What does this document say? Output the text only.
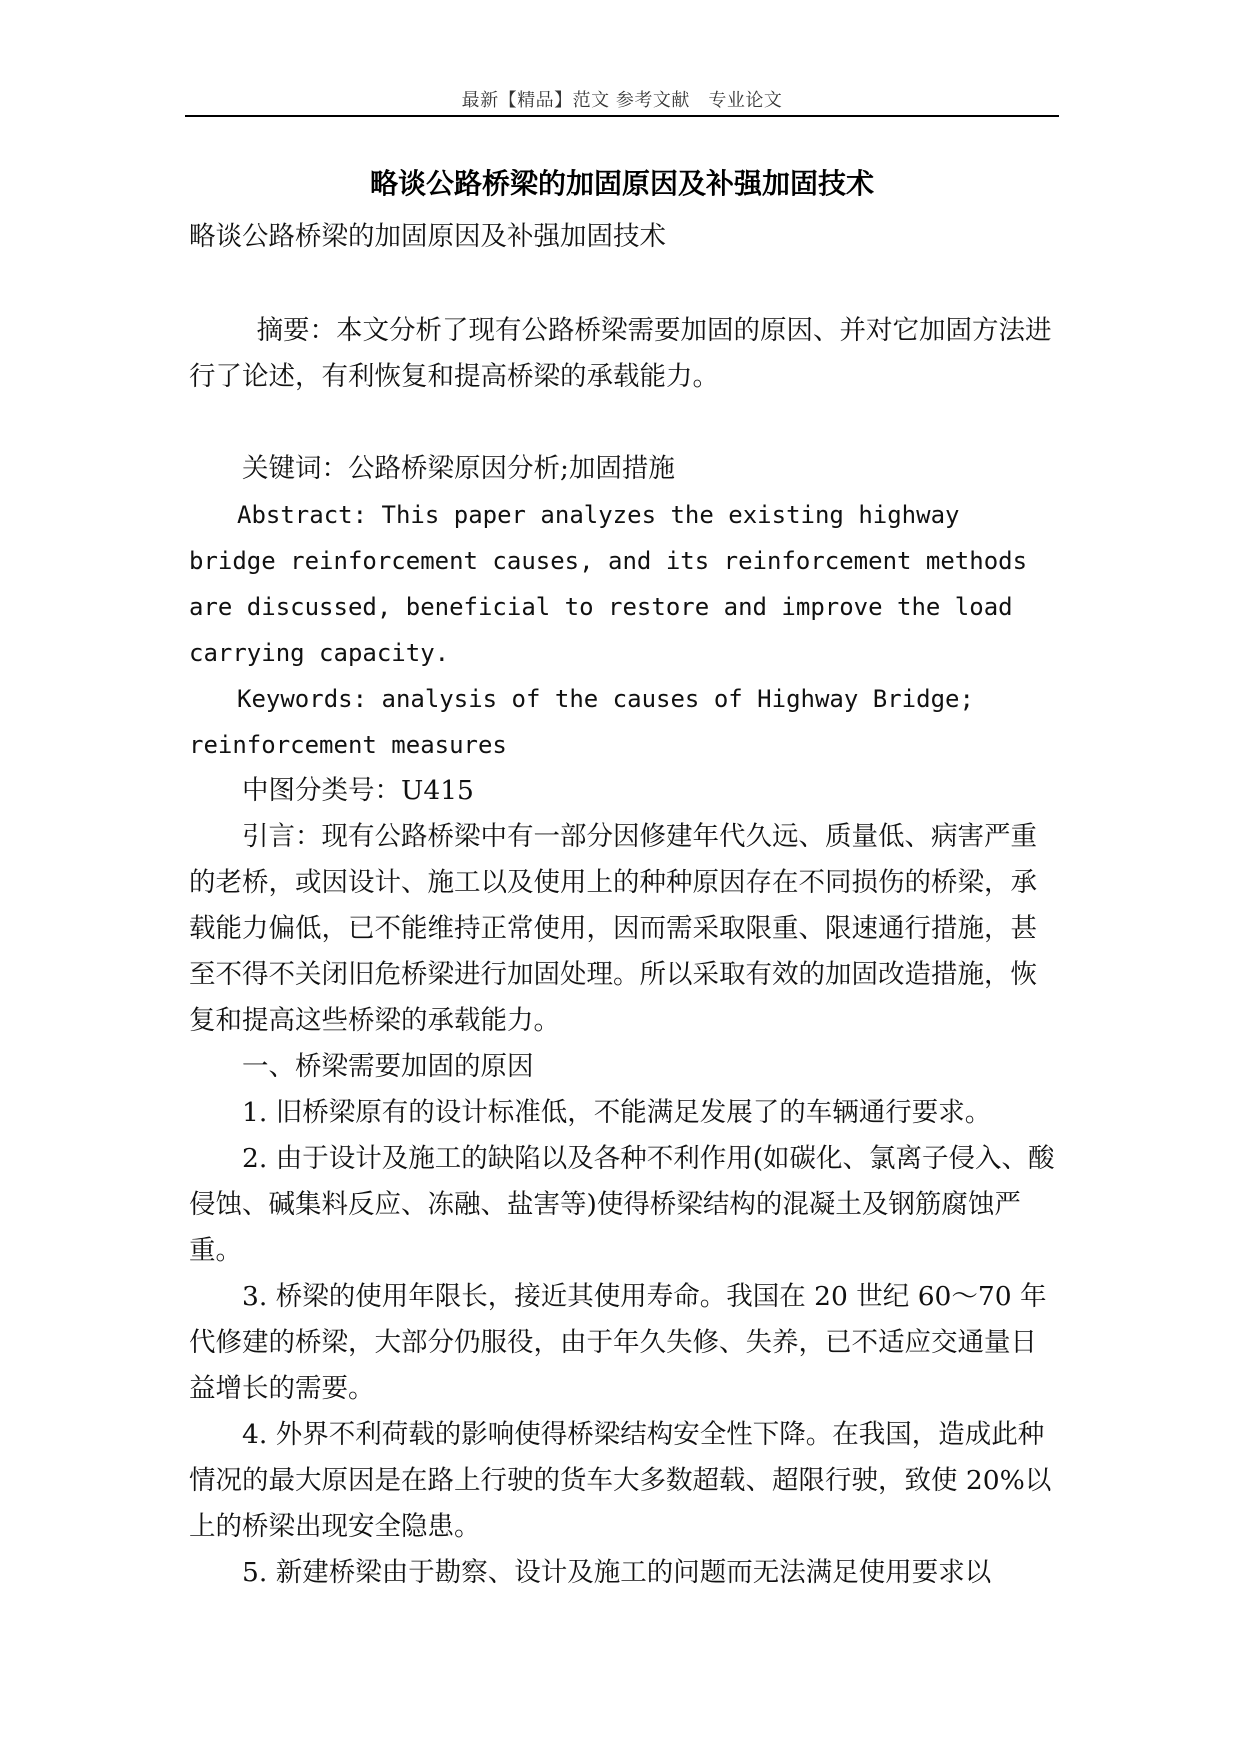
最新【精品】范文 参考文献　专业论文
略谈公路桥梁的加固原因及补强加固技术

略谈公路桥梁的加固原因及补强加固技术

摘要：本文分析了现有公路桥梁需要加固的原因、并对它加固方法进行了论述，有利恢复和提高桥梁的承载能力。

关键词：公路桥梁原因分析;加固措施

Abstract: This paper analyzes the existing highway bridge reinforcement causes, and its reinforcement methods are discussed, beneficial to restore and improve the load carrying capacity.

Keywords: analysis of the causes of Highway Bridge; reinforcement measures

中图分类号：U415

引言：现有公路桥梁中有一部分因修建年代久远、质量低、病害严重的老桥，或因设计、施工以及使用上的种种原因存在不同损伤的桥梁，承载能力偏低，已不能维持正常使用，因而需采取限重、限速通行措施，甚至不得不关闭旧危桥梁进行加固处理。所以采取有效的加固改造措施，恢复和提高这些桥梁的承载能力。

一、桥梁需要加固的原因

1. 旧桥梁原有的设计标准低，不能满足发展了的车辆通行要求。

2. 由于设计及施工的缺陷以及各种不利作用(如碳化、氯离子侵入、酸侵蚀、碱集料反应、冻融、盐害等)使得桥梁结构的混凝土及钢筋腐蚀严重。

3. 桥梁的使用年限长，接近其使用寿命。我国在 20 世纪 60～70 年代修建的桥梁，大部分仍服役，由于年久失修、失养，已不适应交通量日益增长的需要。

4. 外界不利荷载的影响使得桥梁结构安全性下降。在我国，造成此种情况的最大原因是在路上行驶的货车大多数超载、超限行驶，致使 20%以上的桥梁出现安全隐患。

5. 新建桥梁由于勘察、设计及施工的问题而无法满足使用要求以
